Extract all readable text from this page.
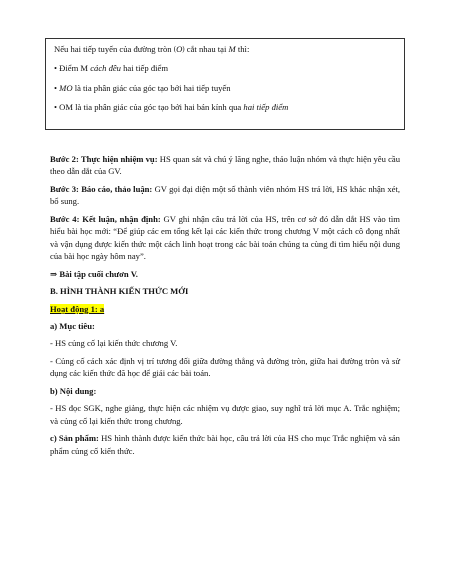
Nếu hai tiếp tuyến của đường tròn (O) cắt nhau tại M thì:

• Điểm M cách đều hai tiếp điểm

• MO là tia phân giác của góc tạo bởi hai tiếp tuyến

• OM là tia phân giác của góc tạo bởi hai bán kính qua hai tiếp điểm

Bước 2: Thực hiện nhiệm vụ: HS quan sát và chú ý lăng nghe, thảo luận nhóm và thực hiện yêu cầu theo dẫn dắt của GV.

Bước 3: Báo cáo, thảo luận: GV gọi đại diện một số thành viên nhóm HS trả lời, HS khác nhận xét, bổ sung.

Bước 4: Kết luận, nhận định: GV ghi nhận câu trả lời của HS, trên cơ sở đó dẫn dắt HS vào tìm hiểu bài học mới: “Để giúp các em tổng kết lại các kiến thức trong chương V một cách cô đọng nhất và vận dụng được kiến thức một cách linh hoạt trong các bài toán chúng ta cùng đi tìm hiểu nội dung của bài học ngày hôm nay”.

⇒ Bài tập cuối chươn V.

B. HÌNH THÀNH KIẾN THỨC MỚI

Hoạt động 1: a

a) Mục tiêu:

- HS củng cố lại kiến thức chương V.

- Củng cố cách xác định vị trí tương đối giữa đường thẳng và đường tròn, giữa hai đường tròn và sử dụng các kiến thức đã học để giải các bài toán.

b) Nội dung:

- HS đọc SGK, nghe giảng, thực hiện các nhiệm vụ được giao, suy nghĩ trả lời mục A. Trắc nghiệm; và củng cố lại kiến thức trong chương.

c) Sản phẩm: HS hình thành được kiến thức bài học, câu trả lời của HS cho mục Trắc nghiệm và sản phẩm củng cố kiến thức.
